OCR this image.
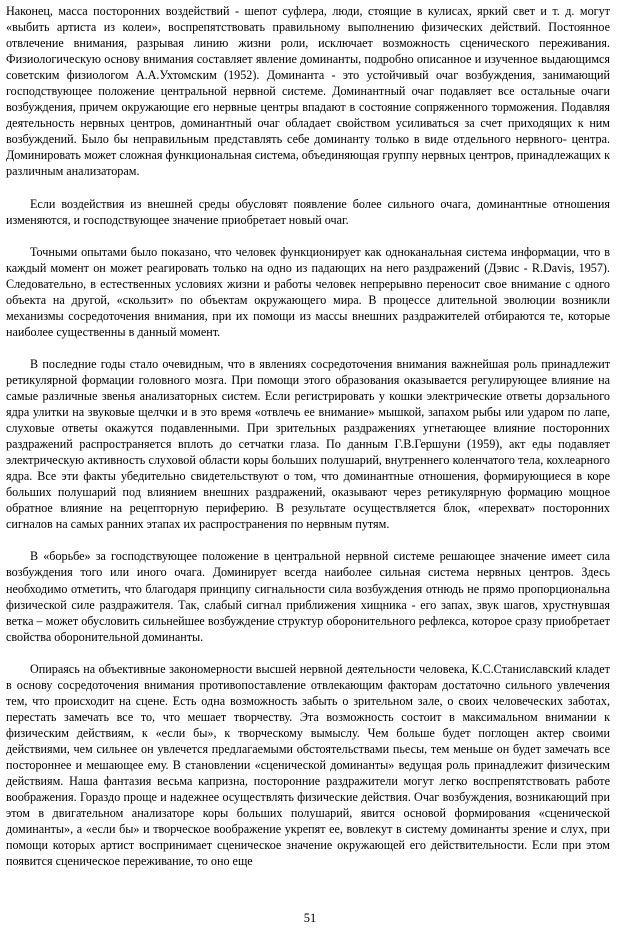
Наконец, масса посторонних воздействий - шепот суфлера, люди, стоящие в кулисах, яркий свет и т. д. могут «выбить артиста из колеи», воспрепятствовать правильному выполнению физических действий. Постоянное отвлечение внимания, разрывая линию жизни роли, исключает возможность сценического переживания. Физиологическую основу внимания составляет явление доминанты, подробно описанное и изученное выдающимся советским физиологом А.А.Ухтомским (1952). Доминанта - это устойчивый очаг возбуждения, занимающий господствующее положение центральной нервной системе. Доминантный очаг подавляет все остальные очаги возбуждения, причем окружающие его нервные центры впадают в состояние сопряженного торможения. Подавляя деятельность нервных центров, доминантный очаг обладает свойством усиливаться за счет приходящих к ним возбуждений. Было бы неправильным представлять себе доминанту только в виде отдельного нервного- центра. Доминировать может сложная функциональная система, объединяющая группу нервных центров, принадлежащих к различным анализаторам.

Если воздействия из внешней среды обусловят появление более сильного очага, доминантные отношения изменяются, и господствующее значение приобретает новый очаг.

Точными опытами было показано, что человек функционирует как одноканальная система информации, что в каждый момент он может реагировать только на одно из падающих на него раздражений (Дэвис - R.Davis, 1957). Следовательно, в естественных условиях жизни и работы человек непрерывно переносит свое внимание с одного объекта на другой, «скользит» по объектам окружающего мира. В процессе длительной эволюции возникли механизмы сосредоточения внимания, при их помощи из массы внешних раздражителей отбираются те, которые наиболее существенны в данный момент.

В последние годы стало очевидным, что в явлениях сосредоточения внимания важнейшая роль принадлежит ретикулярной формации головного мозга. При помощи этого образования оказывается регулирующее влияние на самые различные звенья анализаторных систем. Если регистрировать у кошки электрические ответы дорзального ядра улитки на звуковые щелчки и в это время «отвлечь ее внимание» мышкой, запахом рыбы или ударом по лапе, слуховые ответы окажутся подавленными. При зрительных раздражениях угнетающее влияние посторонних раздражений распространяется вплоть до сетчатки глаза. По данным Г.В.Гершуни (1959), акт еды подавляет электрическую активность слуховой области коры больших полушарий, внутреннего коленчатого тела, кохлеарного ядра. Все эти факты убедительно свидетельствуют о том, что доминантные отношения, формирующиеся в коре больших полушарий под влиянием внешних раздражений, оказывают через ретикулярную формацию мощное обратное влияние на рецепторную периферию. В результате осуществляется блок, «перехват» посторонних сигналов на самых ранних этапах их распространения по нервным путям.

В «борьбе» за господствующее положение в центральной нервной системе решающее значение имеет сила возбуждения того или иного очага. Доминирует всегда наиболее сильная система нервных центров. Здесь необходимо отметить, что благодаря принципу сигнальности сила возбуждения отнюдь не прямо пропорциональна физической силе раздражителя. Так, слабый сигнал приближения хищника - его запах, звук шагов, хрустнувшая ветка – может обусловить сильнейшее возбуждение структур оборонительного рефлекса, которое сразу приобретает свойства оборонительной доминанты.

Опираясь на объективные закономерности высшей нервной деятельности человека, К.С.Станиславский кладет в основу сосредоточения внимания противопоставление отвлекающим факторам достаточно сильного увлечения тем, что происходит на сцене. Есть одна возможность забыть о зрительном зале, о своих человеческих заботах, перестать замечать все то, что мешает творчеству. Эта возможность состоит в максимальном внимании к физическим действиям, к «если бы», к творческому вымыслу. Чем больше будет поглощен актер своими действиями, чем сильнее он увлечется предлагаемыми обстоятельствами пьесы, тем меньше он будет замечать все постороннее и мешающее ему. В становлении «сценической доминанты» ведущая роль принадлежит физическим действиям. Наша фантазия весьма капризна, посторонние раздражители могут легко воспрепятствовать работе воображения. Гораздо проще и надежнее осуществлять физические действия. Очаг возбуждения, возникающий при этом в двигательном анализаторе коры больших полушарий, явится основой формирования «сценической доминанты», а «если бы» и творческое воображение укрепят ее, вовлекут в систему доминанты зрение и слух, при помощи которых артист воспринимает сценическое значение окружающей его действительности. Если при этом появится сценическое переживание, то оно еще

51
